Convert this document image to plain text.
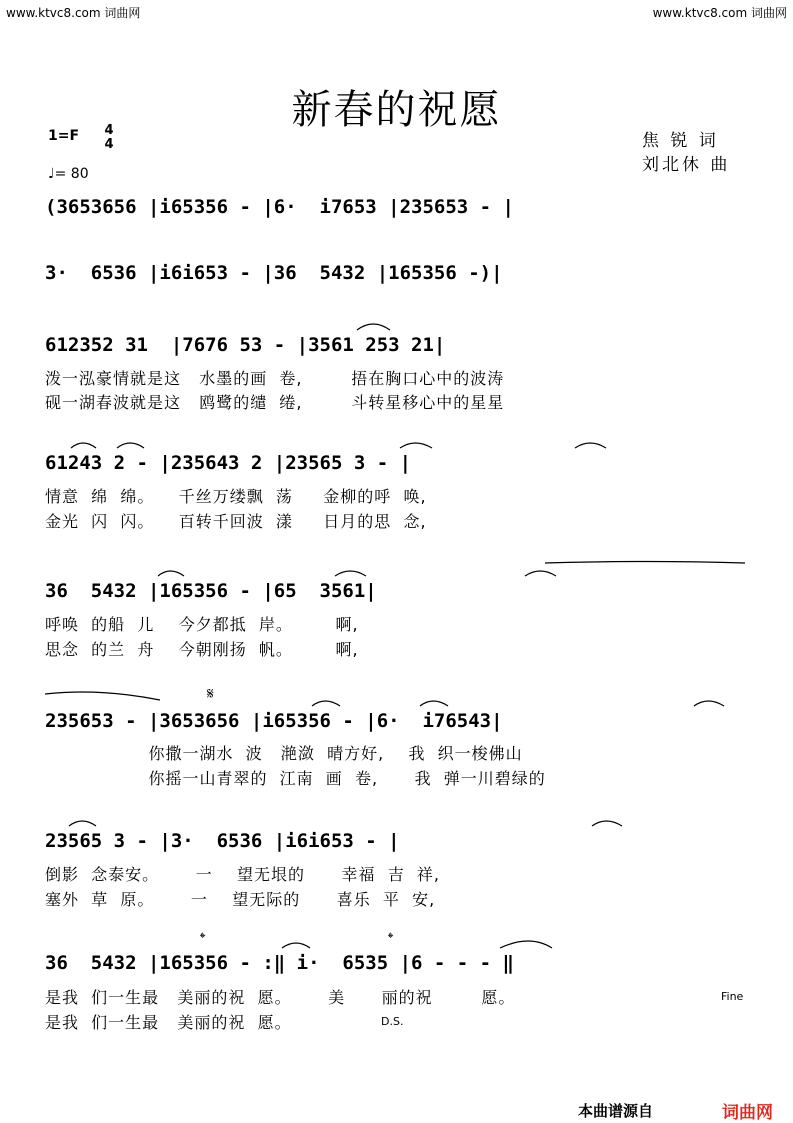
www.ktvc8.com 词曲网	www.ktvc8.com 词曲网
新春的祝愿
1=F 4
4
♩= 80
焦 锐 词
刘北休 曲
(3653656 |i65356 - |6·  i7653 |235653 - |
3·  6536 |i6i653 - |36  5432 |165356 -)|
612352 31  |7676 53 - |3561 253 21|
泼一泓豪情就是这   水墨的画  卷,        捂在胸口心中的波涛
砚一湖春波就是这   鸥鹭的缱  绻,        斗转星移心中的星星
61243 2 - |235643 2 |23565 3 - |
情意  绵  绵。    千丝万缕飘  荡     金柳的呼  唤,
金光  闪  闪。    百转千回波  漾     日月的思  念,
36  5432 |165356 - |65  3561|
呼唤  的船  儿    今夕都抵  岸。       啊,
思念  的兰  舟    今朝刚扬  帆。       啊,
𝄋
235653 - |3653656 |i65356 - |6·  i76543|
你撒一湖水  波   滟潋  晴方好,    我  织一梭佛山
你摇一山青翠的  江南  画  卷,      我  弹一川碧绿的
23565 3 - |3·  6536 |i6i653 - |
倒影  念泰安。      一    望无垠的      幸福  吉  祥,
塞外  草  原。      一    望无际的      喜乐  平  安,
𝄌	𝄌
36  5432 |165356 - :‖ i·  6535 |6 - - - ‖
是我  们一生最   美丽的祝  愿。      美      丽的祝        愿。
是我  们一生最   美丽的祝  愿。	D.S.
Fine
本曲谱源自	词曲网
